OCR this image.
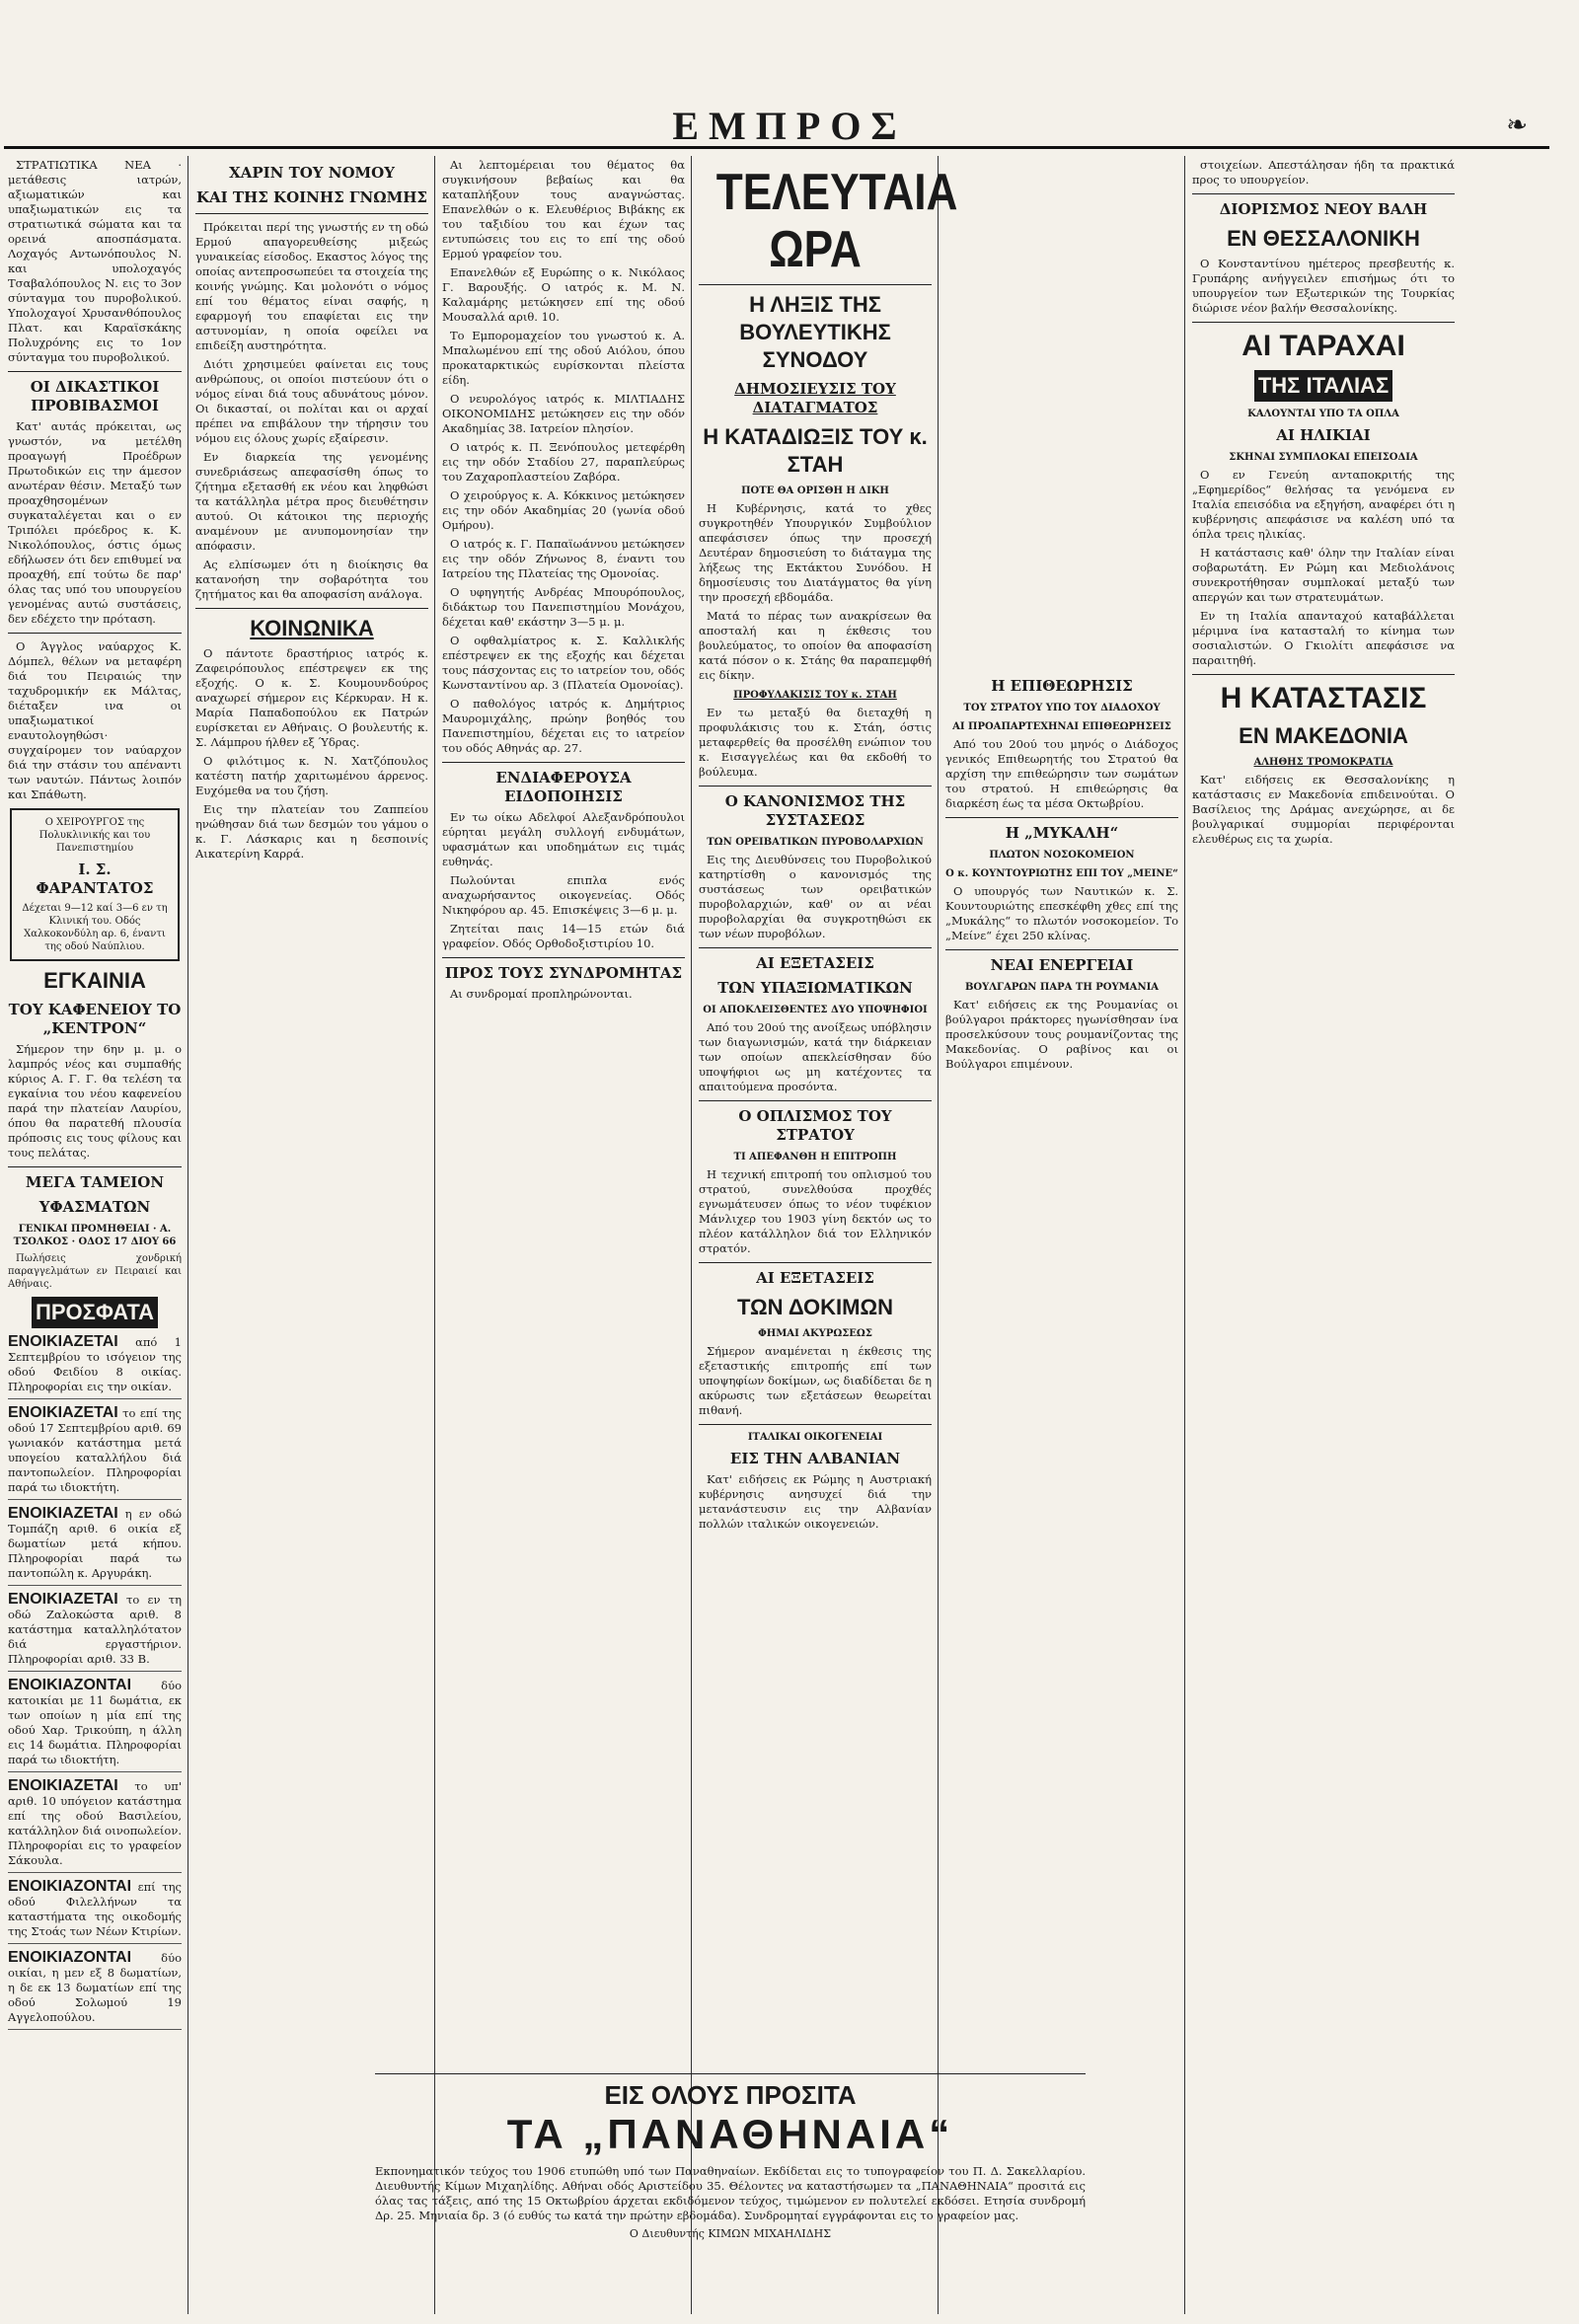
ΕΜΠΡΟΣ	❧

ΣΤΡΑΤΙΩΤΙΚΑ ΝΕΑ · μετάθεσις ιατρών, αξιωματικών και υπαξιωματικών εις τα στρατιωτικά σώματα και τα ορεινά αποσπάσματα. Λοχαγός Αντωνόπουλος Ν. και υπολοχαγός Τσαβαλόπουλος Ν. εις το 3ον σύνταγμα του πυροβολικού. Υπολοχαγοί Χρυσανθόπουλος Πλατ. και Καραϊσκάκης Πολυχρόνης εις το 1ον σύνταγμα του πυροβολικού.

ΟΙ ΔΙΚΑΣΤΙΚΟΙ ΠΡΟΒΙΒΑΣΜΟΙ

Κατ' αυτάς πρόκειται, ως γνωστόν, να μετέλθη προαγωγή Προέδρων Πρωτοδικών εις την άμεσον ανωτέραν θέσιν. Μεταξύ των προαχθησομένων συγκαταλέγεται και ο εν Τριπόλει πρόεδρος κ. Κ. Νικολόπουλος, όστις όμως εδήλωσεν ότι δεν επιθυμεί να προαχθή, επί τούτω δε παρ' όλας τας υπό του υπουργείου γενομένας αυτώ συστάσεις, δεν εδέχετο την πρόταση.

Ο Άγγλος ναύαρχος Κ. Δόμπελ, θέλων να μεταφέρη διά του Πειραιώς την ταχυδρομικήν εκ Μάλτας, διέταξεν ινα οι υπαξιωματικοί εναυτολογηθώσι· συγχαίρομεν τον ναύαρχον διά την στάσιν του απέναντι των ναυτών. Πάντως λοιπόν και Σπάθωτη.

Ο ΧΕΙΡΟΥΡΓΟΣ της Πολυκλινικής και του Πανεπιστημίου
Ι. Σ. ΦΑΡΑΝΤΑΤΟΣ
Δέχεται 9—12 καί 3—6 εν τη Κλινική του. Οδός Χαλκοκονδύλη αρ. 6, έναντι της οδού Ναύπλιου.
ΕΓΚΑΙΝΙΑ
ΤΟΥ ΚΑΦΕΝΕΙΟΥ ΤΟ „ΚΕΝΤΡΟΝ“

Σήμερον την 6ην μ. μ. ο λαμπρός νέος και συμπαθής κύριος Α. Γ. Γ. θα τελέση τα εγκαίνια του νέου καφενείου παρά την πλατείαν Λαυρίου, όπου θα παρατεθή πλουσία πρόποσις εις τους φίλους και τους πελάτας.

ΜΕΓΑ ΤΑΜΕΙΟΝ
ΥΦΑΣΜΑΤΩΝ
ΓΕΝΙΚΑΙ ΠΡΟΜΗΘΕΙΑΙ · Α. ΤΣΟΛΚΟΣ · ΟΔΟΣ 17 ΔΙΟΥ 66

Πωλήσεις χονδρική παραγγελμάτων εν Πειραιεί και Αθήναις.

ΠΡΟΣΦΑΤΑ
ΕΝΟΙΚΙΑΖΕΤΑΙ από 1 Σεπτεμβρίου το ισόγειον της οδού Φειδίου 8 οικίας. Πληροφορίαι εις την οικίαν.
ΕΝΟΙΚΙΑΖΕΤΑΙ το επί της οδού 17 Σεπτεμβρίου αριθ. 69 γωνιακόν κατάστημα μετά υπογείου καταλλήλου διά παντοπωλείον. Πληροφορίαι παρά τω ιδιοκτήτη.
ΕΝΟΙΚΙΑΖΕΤΑΙ η εν οδώ Τομπάζη αριθ. 6 οικία εξ δωματίων μετά κήπου. Πληροφορίαι παρά τω παντοπώλη κ. Αργυράκη.
ΕΝΟΙΚΙΑΖΕΤΑΙ το εν τη οδώ Ζαλοκώστα αριθ. 8 κατάστημα καταλληλότατον διά εργαστήριον. Πληροφορίαι αριθ. 33 Β.
ΕΝΟΙΚΙΑΖΟΝΤΑΙ	δύο κατοικίαι με 11 δωμάτια, εκ των οποίων η μία επί της οδού Χαρ. Τρικούπη, η άλλη εις 14 δωμάτια. Πληροφορίαι παρά τω ιδιοκτήτη.
ΕΝΟΙΚΙΑΖΕΤΑΙ το υπ' αριθ. 10 υπόγειον κατάστημα επί της οδού Βασιλείου, κατάλληλον διά οινοπωλείον. Πληροφορίαι εις το γραφείον Σάκουλα.
ΕΝΟΙΚΙΑΖΟΝΤΑΙ επί της οδού Φιλελλήνων τα καταστήματα της οικοδομής της Στοάς των Νέων Κτιρίων.
ΕΝΟΙΚΙΑΖΟΝΤΑΙ	δύο οικίαι, η μεν εξ 8 δωματίων, η δε εκ 13 δωματίων επί της οδού Σολωμού 19 Αγγελοπούλου.
ΧΑΡΙΝ ΤΟΥ ΝΟΜΟΥ
ΚΑΙ ΤΗΣ ΚΟΙΝΗΣ ΓΝΩΜΗΣ

Πρόκειται περί της γνωστής εν τη οδώ Ερμού απαγορευθείσης μιξεώς γυναικείας είσοδος. Εκαστος λόγος της οποίας αντεπροσωπεύει τα στοιχεία της κοινής γνώμης. Και μολονότι ο νόμος επί του θέματος είναι σαφής, η εφαρμογή του επαφίεται εις την αστυνομίαν, η οποία οφείλει να επιδείξη αυστηρότητα.

Διότι χρησιμεύει φαίνεται εις τους ανθρώπους, οι οποίοι πιστεύουν ότι ο νόμος είναι διά τους αδυνάτους μόνον. Οι δικασταί, οι πολίται και οι αρχαί πρέπει να επιβάλουν την τήρησιν του νόμου εις όλους χωρίς εξαίρεσιν.

Εν διαρκεία της γενομένης συνεδριάσεως απεφασίσθη όπως το ζήτημα εξετασθή εκ νέου και ληφθώσι τα κατάλληλα μέτρα προς διευθέτησιν αυτού. Οι κάτοικοι της περιοχής αναμένουν με ανυπομονησίαν την απόφασιν.

Ας ελπίσωμεν ότι η διοίκησις θα κατανοήση την σοβαρότητα του ζητήματος και θα αποφασίση ανάλογα.

ΚΟΙΝΩΝΙΚΑ

Ο πάντοτε δραστήριος ιατρός κ. Ζαφειρόπουλος επέστρεψεν εκ της εξοχής. Ο κ. Σ. Κουμουνδούρος αναχωρεί σήμερον εις Κέρκυραν. Η κ. Μαρία Παπαδοπούλου εκ Πατρών ευρίσκεται εν Αθήναις. Ο βουλευτής κ. Σ. Λάμπρου ήλθεν εξ Ύδρας.

Ο φιλότιμος κ. Ν. Χατζόπουλος κατέστη πατήρ χαριτωμένου άρρενος. Ευχόμεθα να του ζήση.

Εις την πλατείαν του Ζαππείου ηνώθησαν διά των δεσμών του γάμου ο κ. Γ. Λάσκαρις και η δεσποινίς Αικατερίνη Καρρά.

Αι λεπτομέρειαι του θέματος θα συγκινήσουν βεβαίως και θα καταπλήξουν τους αναγνώστας. Επανελθών ο κ. Ελευθέριος Βιβάκης εκ του ταξιδίου του και έχων τας εντυπώσεις του εις το επί της οδού Ερμού γραφείον του.

Επανελθών εξ Ευρώπης ο κ. Νικόλαος Γ. Βαρουξής. Ο ιατρός κ. Μ. Ν. Καλαμάρης μετώκησεν επί της οδού Μουσαλλά αριθ. 10.

Το Εμπορομαχείον του γνωστού κ. Α. Μπαλωμένου επί της οδού Αιόλου, όπου προκαταρκτικώς ευρίσκονται πλείστα είδη.

Ο νευρολόγος ιατρός κ. ΜΙΛΤΙΑΔΗΣ ΟΙΚΟΝΟΜΙΔΗΣ μετώκησεν εις την οδόν Ακαδημίας 38. Ιατρείον πλησίον.

Ο ιατρός κ. Π. Ξενόπουλος μετεφέρθη εις την οδόν Σταδίου 27, παραπλεύρως του Ζαχαροπλαστείου Ζαβόρα.

Ο χειρούργος κ. Α. Κόκκινος μετώκησεν εις την οδόν Ακαδημίας 20 (γωνία οδού Ομήρου).

Ο ιατρός κ. Γ. Παπαϊωάννου μετώκησεν εις την οδόν Ζήνωνος 8, έναντι του Ιατρείου της Πλατείας της Ομονοίας.

Ο υφηγητής Ανδρέας Μπουρόπουλος, διδάκτωρ του Πανεπιστημίου Μονάχου, δέχεται καθ' εκάστην 3—5 μ. μ.

Ο οφθαλμίατρος κ. Σ. Καλλικλής επέστρεψεν εκ της εξοχής και δέχεται τους πάσχοντας εις το ιατρείον του, οδός Κωνσταντίνου αρ. 3 (Πλατεία Ομονοίας).

Ο παθολόγος ιατρός κ. Δημήτριος Μαυρομιχάλης, πρώην βοηθός του Πανεπιστημίου, δέχεται εις το ιατρείον του οδός Αθηνάς αρ. 27.

ΕΝΔΙΑΦΕΡΟΥΣΑ ΕΙΔΟΠΟΙΗΣΙΣ

Εν τω οίκω Αδελφοί Αλεξανδρόπουλοι εύρηται μεγάλη συλλογή ενδυμάτων, υφασμάτων και υποδημάτων εις τιμάς ευθηνάς.

Πωλούνται επιπλα ενός αναχωρήσαντος οικογενείας. Οδός Νικηφόρου αρ. 45. Επισκέψεις 3—6 μ. μ.

Ζητείται παις 14—15 ετών διά γραφείον. Οδός Ορθοδοξιστιρίου 10.

ΠΡΟΣ ΤΟΥΣ ΣΥΝΔΡΟΜΗΤΑΣ

Αι συνδρομαί προπληρώνονται.

ΤΕΛΕΥΤΑΙΑ ΩΡΑ
Η ΛΗΞΙΣ ΤΗΣ ΒΟΥΛΕΥΤΙΚΗΣ ΣΥΝΟΔΟΥ
ΔΗΜΟΣΙΕΥΣΙΣ ΤΟΥ ΔΙΑΤΑΓΜΑΤΟΣ
Η ΚΑΤΑΔΙΩΞΙΣ ΤΟΥ κ. ΣΤΑΗ
ΠΟΤΕ ΘΑ ΟΡΙΣΘΗ Η ΔΙΚΗ

Η Κυβέρνησις, κατά το χθες συγκροτηθέν Υπουργικόν Συμβούλιον απεφάσισεν όπως την προσεχή Δευτέραν δημοσιεύση το διάταγμα της λήξεως της Εκτάκτου Συνόδου. Η δημοσίευσις του Διατάγματος θα γίνη την προσεχή εβδομάδα.

Ματά το πέρας των ανακρίσεων θα αποσταλή και η έκθεσις του βουλεύματος, το οποίον θα αποφασίση κατά πόσον ο κ. Στάης θα παραπεμφθή εις δίκην.

ΠΡΟΦΥΛΑΚΙΣΙΣ ΤΟΥ κ. ΣΤΑΗ

Εν τω μεταξύ θα διεταχθή η προφυλάκισις του κ. Στάη, όστις μεταφερθείς θα προσέλθη ενώπιον του κ. Εισαγγελέως και θα εκδοθή το βούλευμα.

Ο ΚΑΝΟΝΙΣΜΟΣ ΤΗΣ ΣΥΣΤΑΣΕΩΣ
ΤΩΝ ΟΡΕΙΒΑΤΙΚΩΝ ΠΥΡΟΒΟΛΑΡΧΙΩΝ

Εις της Διευθύνσεις του Πυροβολικού κατηρτίσθη ο κανονισμός της συστάσεως των ορειβατικών πυροβολαρχιών, καθ' ον αι νέαι πυροβολαρχίαι θα συγκροτηθώσι εκ των νέων πυροβόλων.

ΑΙ ΕΞΕΤΑΣΕΙΣ
ΤΩΝ ΥΠΑΞΙΩΜΑΤΙΚΩΝ
ΟΙ ΑΠΟΚΛΕΙΣΘΕΝΤΕΣ ΔΥΟ ΥΠΟΨΗΦΙΟΙ

Από του 20ού της ανοίξεως υπόβλησιν των διαγωνισμών, κατά την διάρκειαν των οποίων απεκλείσθησαν δύο υποψήφιοι ως μη κατέχοντες τα απαιτούμενα προσόντα.

Ο ΟΠΛΙΣΜΟΣ ΤΟΥ ΣΤΡΑΤΟΥ
ΤΙ ΑΠΕΦΑΝΘΗ Η ΕΠΙΤΡΟΠΗ

Η τεχνική επιτροπή του οπλισμού του στρατού, συνελθούσα προχθές εγνωμάτευσεν όπως το νέον τυφέκιον Μάνλιχερ του 1903 γίνη δεκτόν ως το πλέον κατάλληλον διά τον Ελληνικόν στρατόν.

ΑΙ ΕΞΕΤΑΣΕΙΣ
ΤΩΝ ΔΟΚΙΜΩΝ
ΦΗΜΑΙ ΑΚΥΡΩΣΕΩΣ

Σήμερον αναμένεται η έκθεσις της εξεταστικής επιτροπής επί των υποψηφίων δοκίμων, ως διαδίδεται δε η ακύρωσις των εξετάσεων θεωρείται πιθανή.

ΙΤΑΛΙΚΑΙ ΟΙΚΟΓΕΝΕΙΑΙ
ΕΙΣ ΤΗΝ ΑΛΒΑΝΙΑΝ

Κατ' ειδήσεις εκ Ρώμης η Αυστριακή κυβέρνησις ανησυχεί διά την μετανάστευσιν εις την Αλβανίαν πολλών ιταλικών οικογενειών.

Η ΕΠΙΘΕΩΡΗΣΙΣ
ΤΟΥ ΣΤΡΑΤΟΥ ΥΠΟ ΤΟΥ ΔΙΑΔΟΧΟΥ
ΑΙ ΠΡΟΑΠΑΡΤΕΧΗΝΑΙ ΕΠΙΘΕΩΡΗΣΕΙΣ

Από του 20ού του μηνός ο Διάδοχος γενικός Επιθεωρητής του Στρατού θα αρχίση την επιθεώρησιν των σωμάτων του στρατού. Η επιθεώρησις θα διαρκέση έως τα μέσα Οκτωβρίου.

Η „ΜΥΚΑΛΗ“
ΠΛΩΤΟΝ ΝΟΣΟΚΟΜΕΙΟΝ
Ο κ. ΚΟΥΝΤΟΥΡΙΩΤΗΣ ΕΠΙ ΤΟΥ „ΜΕΙΝΕ“

Ο υπουργός των Ναυτικών κ. Σ. Κουντουριώτης επεσκέφθη χθες επί της „Μυκάλης“ το πλωτόν νοσοκομείον. Το „Μείνε“ έχει 250 κλίνας.

ΝΕΑΙ ΕΝΕΡΓΕΙΑΙ
ΒΟΥΛΓΑΡΩΝ ΠΑΡΑ ΤΗ ΡΟΥΜΑΝΙΑ

Κατ' ειδήσεις εκ της Ρουμανίας οι βούλγαροι πράκτορες ηγωνίσθησαν ίνα προσελκύσουν τους ρουμανίζοντας της Μακεδονίας. Ο ραβίνος και οι Βούλγαροι επιμένουν.

στοιχείων. Απεστάλησαν ήδη τα πρακτικά προς το υπουργείον.

ΔΙΟΡΙΣΜΟΣ ΝΕΟΥ ΒΑΛΗ
ΕΝ ΘΕΣΣΑΛΟΝΙΚΗ

Ο Κονσταντίνου ημέτερος πρεσβευτής κ. Γρυπάρης ανήγγειλεν επισήμως ότι το υπουργείον των Εξωτερικών της Τουρκίας διώρισε νέον βαλήν Θεσσαλονίκης.

ΑΙ ΤΑΡΑΧΑΙ
ΤΗΣ ΙΤΑΛΙΑΣ
ΚΑΛΟΥΝΤΑΙ ΥΠΟ ΤΑ ΟΠΛΑ
ΑΙ ΗΛΙΚΙΑΙ
ΣΚΗΝΑΙ ΣΥΜΠΛΟΚΑΙ ΕΠΕΙΣΟΔΙΑ

Ο εν Γενεύη ανταποκριτής της „Εφημερίδος“ θελήσας τα γενόμενα εν Ιταλία επεισόδια να εξηγήση, αναφέρει ότι η κυβέρνησις απεφάσισε να καλέση υπό τα όπλα τρεις ηλικίας.

Η κατάστασις καθ' όλην την Ιταλίαν είναι σοβαρωτάτη. Εν Ρώμη και Μεδιολάνοις συνεκροτήθησαν συμπλοκαί μεταξύ των απεργών και των στρατευμάτων.

Εν τη Ιταλία απανταχού καταβάλλεται μέριμνα ίνα κατασταλή το κίνημα των σοσιαλιστών. Ο Γκιολίτι απεφάσισε να παραιτηθή.

Η ΚΑΤΑΣΤΑΣΙΣ
ΕΝ ΜΑΚΕΔΟΝΙΑ
ΑΛΗΘΗΣ ΤΡΟΜΟΚΡΑΤΙΑ

Κατ' ειδήσεις εκ Θεσσαλονίκης η κατάστασις εν Μακεδονία επιδεινούται. Ο Βασίλειος της Δράμας ανεχώρησε, αι δε βουλγαρικαί συμμορίαι περιφέρονται ελευθέρως εις τα χωρία.

ΕΙΣ ΟΛΟΥΣ ΠΡΟΣΙΤΑ
ΤΑ „ΠΑΝΑΘΗΝΑΙΑ“
Εκπονηματικόν τεύχος του 1906 ετυπώθη υπό των Παναθηναίων. Εκδίδεται εις το τυπογραφείον του Π. Δ. Σακελλαρίου. Διευθυντής Κίμων Μιχαηλίδης. Αθήναι οδός Αριστείδου 35. Θέλοντες να καταστήσωμεν τα „ΠΑΝΑΘΗΝΑΙΑ“ προσιτά εις όλας τας τάξεις, από της 15 Οκτωβρίου άρχεται εκδιδόμενον τεύχος, τιμώμενον εν πολυτελεί εκδόσει. Ετησία συνδρομή Δρ. 25. Μηνιαία δρ. 3 (ό ευθύς τω κατά την πρώτην εβδομάδα). Συνδρομηταί εγγράφονται εις το γραφείον μας.
Ο Διευθυντής ΚΙΜΩΝ ΜΙΧΑΗΛΙΔΗΣ
